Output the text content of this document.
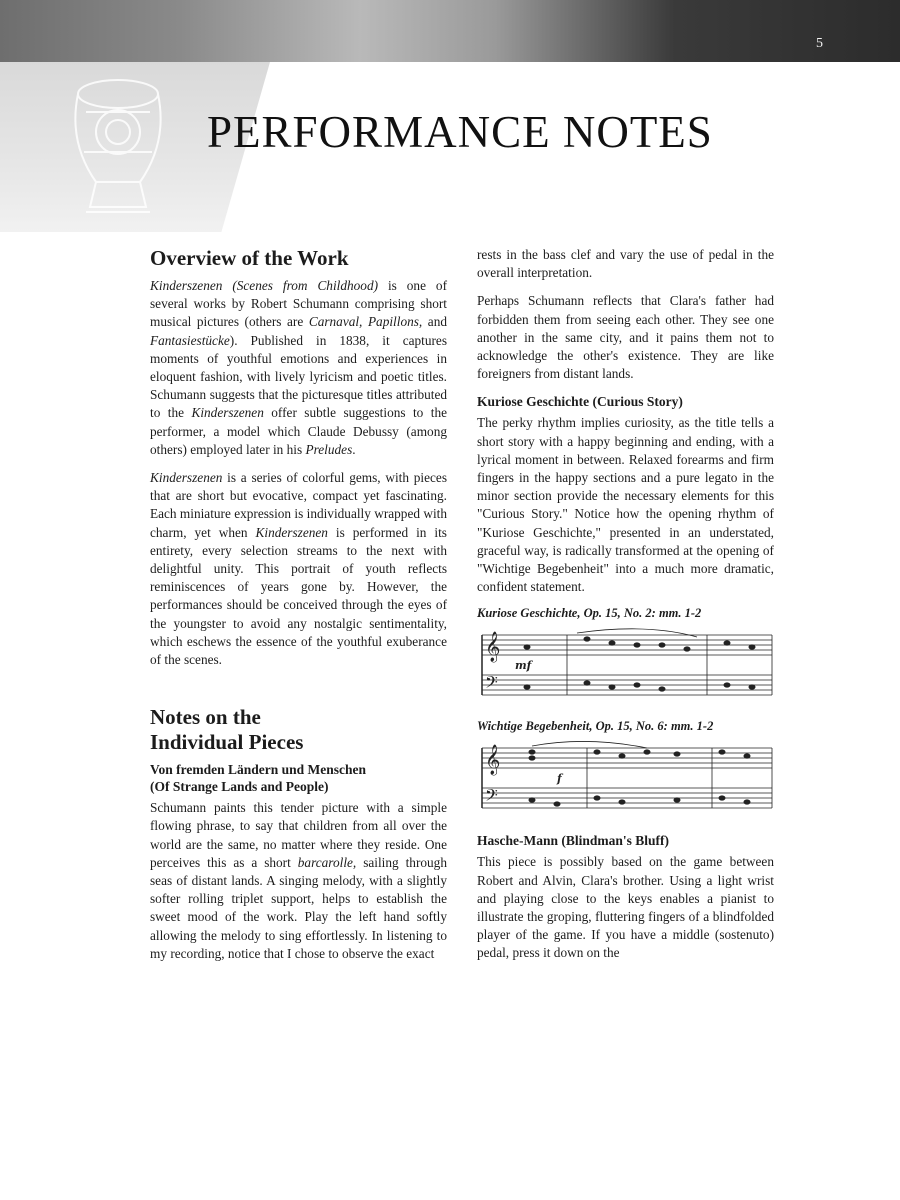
5
PERFORMANCE NOTES
Overview of the Work

Kinderszenen (Scenes from Childhood) is one of several works by Robert Schumann comprising short musical pictures (others are Carnaval, Papillons, and Fantasiestücke). Published in 1838, it captures moments of youthful emotions and experiences in eloquent fashion, with lively lyricism and poetic titles. Schumann suggests that the picturesque titles attributed to the Kinderszenen offer subtle suggestions to the performer, a model which Claude Debussy (among others) employed later in his Preludes.

Kinderszenen is a series of colorful gems, with pieces that are short but evocative, compact yet fascinating. Each miniature expression is individually wrapped with charm, yet when Kinderszenen is performed in its entirety, every selection streams to the next with delightful unity. This portrait of youth reflects reminiscences of years gone by. However, the performances should be conceived through the eyes of the youngster to avoid any nostalgic sentimentality, which eschews the essence of the youthful exuberance of the scenes.

Notes on the
Individual Pieces
Von fremden Ländern und Menschen
(Of Strange Lands and People)

Schumann paints this tender picture with a simple flowing phrase, to say that children from all over the world are the same, no matter where they reside. One perceives this as a short barcarolle, sailing through seas of distant lands. A singing melody, with a slightly softer rolling triplet support, helps to establish the sweet mood of the work. Play the left hand softly allowing the melody to sing effortlessly. In listening to my recording, notice that I chose to observe the exact

rests in the bass clef and vary the use of pedal in the overall interpretation.

Perhaps Schumann reflects that Clara's father had forbidden them from seeing each other. They see one another in the same city, and it pains them not to acknowledge the other's existence. They are like foreigners from distant lands.

Kuriose Geschichte (Curious Story)

The perky rhythm implies curiosity, as the title tells a short story with a happy beginning and ending, with a lyrical moment in between. Relaxed forearms and firm fingers in the happy sections and a pure legato in the minor section provide the necessary elements for this "Curious Story." Notice how the opening rhythm of "Kuriose Geschichte," presented in an understated, graceful way, is radically transformed at the opening of "Wichtige Begebenheit" into a much more dramatic, confident statement.

Kuriose Geschichte, Op. 15, No. 2: mm. 1-2
𝄞
𝄢
mf
Wichtige Begebenheit, Op. 15, No. 6: mm. 1-2
𝄞
𝄢
f
Hasche-Mann (Blindman's Bluff)

This piece is possibly based on the game between Robert and Alvin, Clara's brother. Using a light wrist and playing close to the keys enables a pianist to illustrate the groping, fluttering fingers of a blindfolded player of the game. If you have a middle (sostenuto) pedal, press it down on the
